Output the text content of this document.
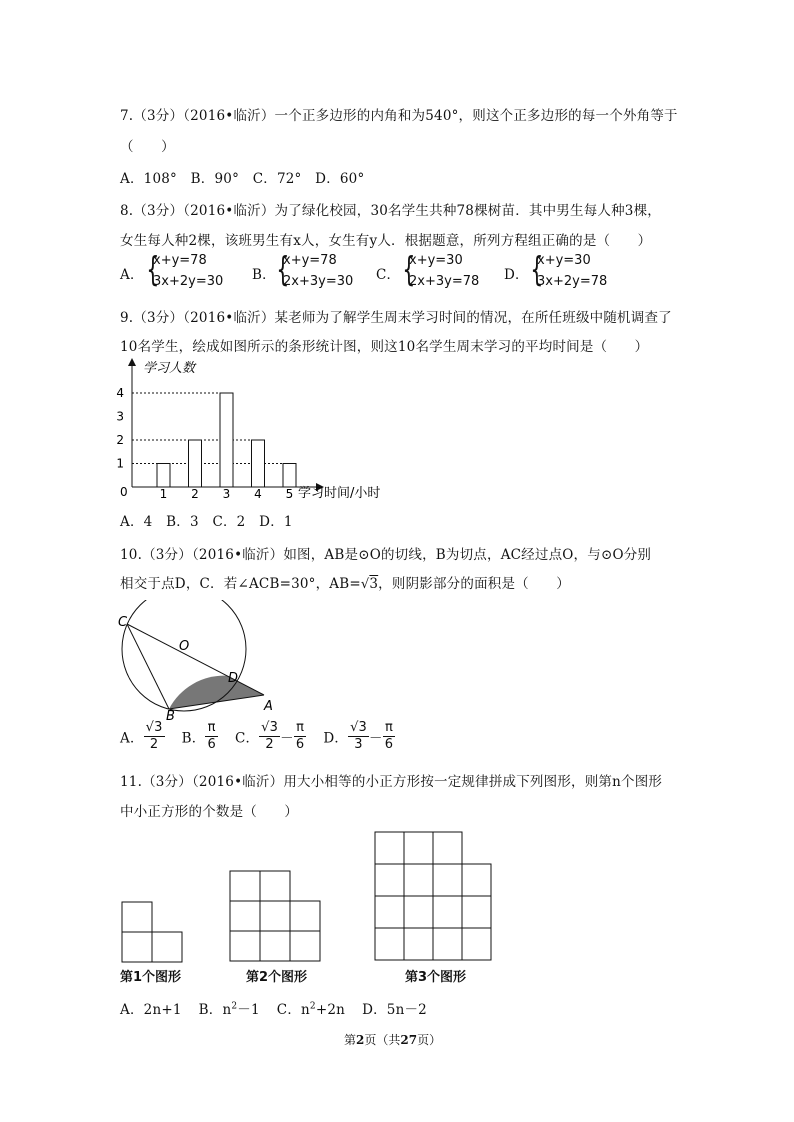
7.（3分）（2016•临沂）一个正多边形的内角和为540°，则这个正多边形的每一个外角等于
（　　）
A．108°　B．90°　C．72°　D．60°
8.（3分）（2016•临沂）为了绿化校园，30名学生共种78棵树苗．其中男生每人种3棵，
女生每人种2棵，该班男生有x人，女生有y人．根据题意，所列方程组正确的是（　　）
A． {
x+y=78
3x+2y=30 B． {
x+y=78
2x+3y=30 C． {
x+y=30
2x+3y=78 D． {
x+y=30
3x+2y=78
9.（3分）（2016•临沂）某老师为了解学生周末学习时间的情况，在所任班级中随机调查了
10名学生，绘成如图所示的条形统计图，则这10名学生周末学习的平均时间是（　　）
1
2
3
4
1 2 3 4 5
0
学习人数
学习时间/小时
A．4　B．3　C．2　D．1
10.（3分）（2016•临沂）如图，AB是⊙O的切线，B为切点，AC经过点O，与⊙O分别
相交于点D，C．若∠ACB=30°，AB=√3，则阴影部分的面积是（　　）
C
O
D
B
A
A． $\frac{√3}{2}$ B． $\frac{\pi}{6}$ C． $\frac{√3}{2} - \frac{\pi}{6}$ D． $\frac{√3}{3} - \frac{\pi}{6}$
11.（3分）（2016•临沂）用大小相等的小正方形按一定规律拼成下列图形，则第n个图形
中小正方形的个数是（　　）
第1个图形	第2个图形	第3个图形
A．2n+1 B．$n^2-1$ C．$n^2+2n$ D．5n－2
第2页（共27页）
